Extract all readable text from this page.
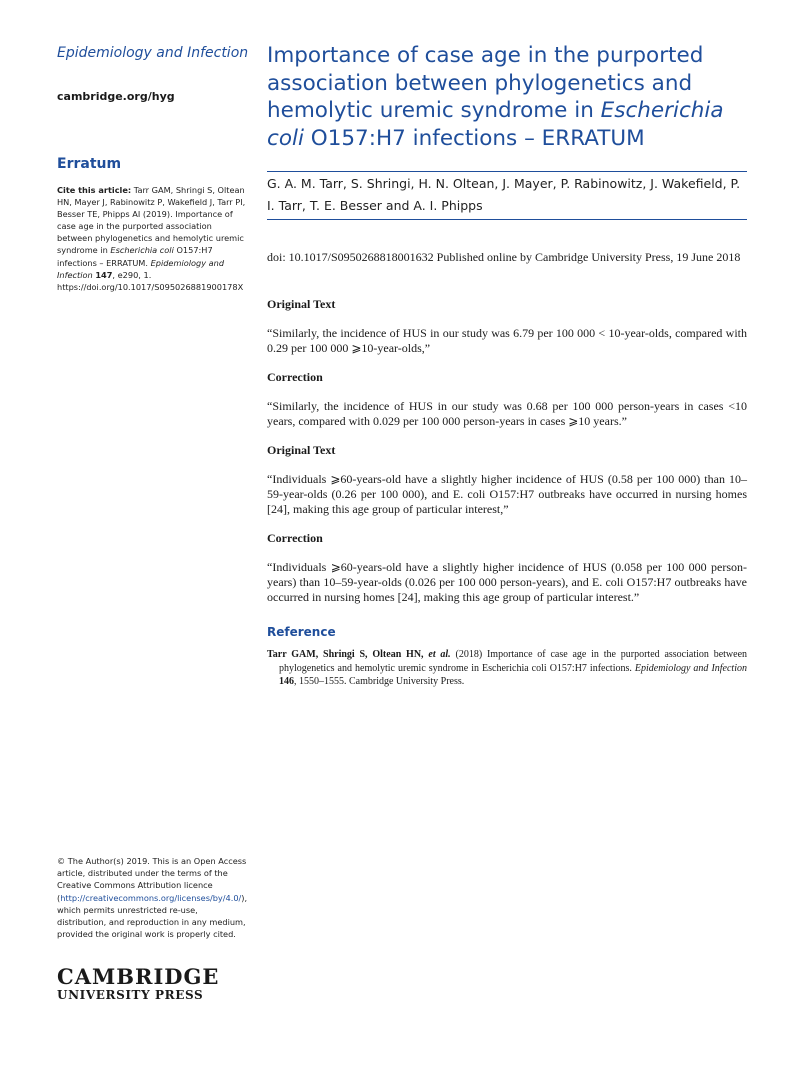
Epidemiology and Infection
cambridge.org/hyg
Erratum
Cite this article: Tarr GAM, Shringi S, Oltean HN, Mayer J, Rabinowitz P, Wakefield J, Tarr PI, Besser TE, Phipps AI (2019). Importance of case age in the purported association between phylogenetics and hemolytic uremic syndrome in Escherichia coli O157:H7 infections – ERRATUM. Epidemiology and Infection 147, e290, 1. https://doi.org/10.1017/S095026881900178X
© The Author(s) 2019. This is an Open Access article, distributed under the terms of the Creative Commons Attribution licence (http://creativecommons.org/licenses/by/4.0/), which permits unrestricted re-use, distribution, and reproduction in any medium, provided the original work is properly cited.
CAMBRIDGE
UNIVERSITY PRESS
Importance of case age in the purported association between phylogenetics and hemolytic uremic syndrome in Escherichia coli O157:H7 infections – ERRATUM
G. A. M. Tarr, S. Shringi, H. N. Oltean, J. Mayer, P. Rabinowitz, J. Wakefield, P. I. Tarr, T. E. Besser and A. I. Phipps

doi: 10.1017/S0950268818001632 Published online by Cambridge University Press, 19 June 2018

Original Text

“Similarly, the incidence of HUS in our study was 6.79 per 100 000 < 10-year-olds, compared with 0.29 per 100 000 ⩾10-year-olds,”

Correction

“Similarly, the incidence of HUS in our study was 0.68 per 100 000 person-years in cases <10 years, compared with 0.029 per 100 000 person-years in cases ⩾10 years.”

Original Text

“Individuals ⩾60-years-old have a slightly higher incidence of HUS (0.58 per 100 000) than 10–59-year-olds (0.26 per 100 000), and E. coli O157:H7 outbreaks have occurred in nursing homes [24], making this age group of particular interest,”

Correction

“Individuals ⩾60-years-old have a slightly higher incidence of HUS (0.058 per 100 000 person-years) than 10–59-year-olds (0.026 per 100 000 person-years), and E. coli O157:H7 outbreaks have occurred in nursing homes [24], making this age group of particular interest.”

Reference
Tarr GAM, Shringi S, Oltean HN, et al. (2018) Importance of case age in the purported association between phylogenetics and hemolytic uremic syndrome in Escherichia coli O157:H7 infections. Epidemiology and Infection 146, 1550–1555. Cambridge University Press.
